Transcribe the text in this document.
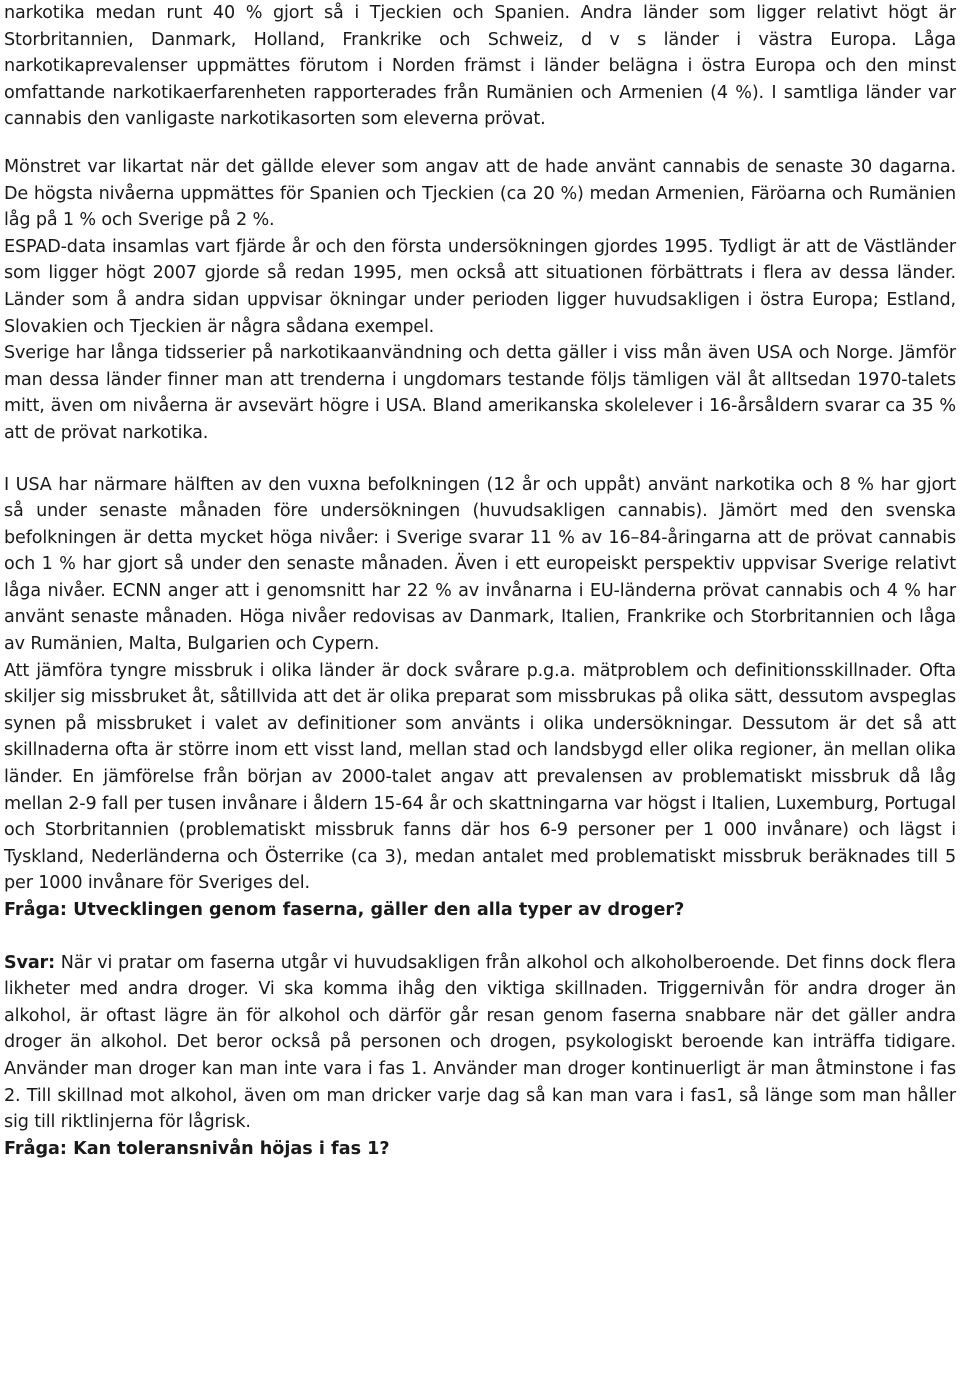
narkotika medan runt 40 % gjort så i Tjeckien och Spanien. Andra länder som ligger relativt högt är Storbritannien, Danmark, Holland, Frankrike och Schweiz, d v s länder i västra Europa. Låga narkotikaprevalenser uppmättes förutom i Norden främst i länder belägna i östra Europa och den minst omfattande narkotikaerfarenheten rapporterades från Rumänien och Armenien (4 %). I samtliga länder var cannabis den vanligaste narkotikasorten som eleverna prövat.

Mönstret var likartat när det gällde elever som angav att de hade använt cannabis de senaste 30 dagarna. De högsta nivåerna uppmättes för Spanien och Tjeckien (ca 20 %) medan Armenien, Färöarna och Rumänien låg på 1 % och Sverige på 2 %.

ESPAD-data insamlas vart fjärde år och den första undersökningen gjordes 1995. Tydligt är att de Västländer som ligger högt 2007 gjorde så redan 1995, men också att situationen förbättrats i flera av dessa länder. Länder som å andra sidan uppvisar ökningar under perioden ligger huvudsakligen i östra Europa; Estland, Slovakien och Tjeckien är några sådana exempel.

Sverige har långa tidsserier på narkotikaanvändning och detta gäller i viss mån även USA och Norge. Jämför man dessa länder finner man att trenderna i ungdomars testande följs tämligen väl åt alltsedan 1970-talets mitt, även om nivåerna är avsevärt högre i USA. Bland amerikanska skolelever i 16-årsåldern svarar ca 35 % att de prövat narkotika.

I USA har närmare hälften av den vuxna befolkningen (12 år och uppåt) använt narkotika och 8 % har gjort så under senaste månaden före undersökningen (huvudsakligen cannabis). Jämört med den svenska befolkningen är detta mycket höga nivåer: i Sverige svarar 11 % av 16–84-åringarna att de prövat cannabis och 1 % har gjort så under den senaste månaden. Även i ett europeiskt perspektiv uppvisar Sverige relativt låga nivåer. ECNN anger att i genomsnitt har 22 % av invånarna i EU-länderna prövat cannabis och 4 % har använt senaste månaden. Höga nivåer redovisas av Danmark, Italien, Frankrike och Storbritannien och låga av Rumänien, Malta, Bulgarien och Cypern.

Att jämföra tyngre missbruk i olika länder är dock svårare p.g.a. mätproblem och definitionsskillnader. Ofta skiljer sig missbruket åt, såtillvida att det är olika preparat som missbrukas på olika sätt, dessutom avspeglas synen på missbruket i valet av definitioner som använts i olika undersökningar. Dessutom är det så att skillnaderna ofta är större inom ett visst land, mellan stad och landsbygd eller olika regioner, än mellan olika länder. En jämförelse från början av 2000-talet angav att prevalensen av problematiskt missbruk då låg mellan 2-9 fall per tusen invånare i åldern 15-64 år och skattningarna var högst i Italien, Luxemburg, Portugal och Storbritannien (problematiskt missbruk fanns där hos 6-9 personer per 1 000 invånare) och lägst i Tyskland, Nederländerna och Österrike (ca 3), medan antalet med problematiskt missbruk beräknades till 5 per 1000 invånare för Sveriges del.

Fråga: Utvecklingen genom faserna, gäller den alla typer av droger?

Svar: När vi pratar om faserna utgår vi huvudsakligen från alkohol och alkoholberoende. Det finns dock flera likheter med andra droger. Vi ska komma ihåg den viktiga skillnaden. Triggernivån för andra droger än alkohol, är oftast lägre än för alkohol och därför går resan genom faserna snabbare när det gäller andra droger än alkohol. Det beror också på personen och drogen, psykologiskt beroende kan inträffa tidigare. Använder man droger kan man inte vara i fas 1. Använder man droger kontinuerligt är man åtminstone i fas 2. Till skillnad mot alkohol, även om man dricker varje dag så kan man vara i fas1, så länge som man håller sig till riktlinjerna för lågrisk.

Fråga: Kan toleransnivån höjas i fas 1?
